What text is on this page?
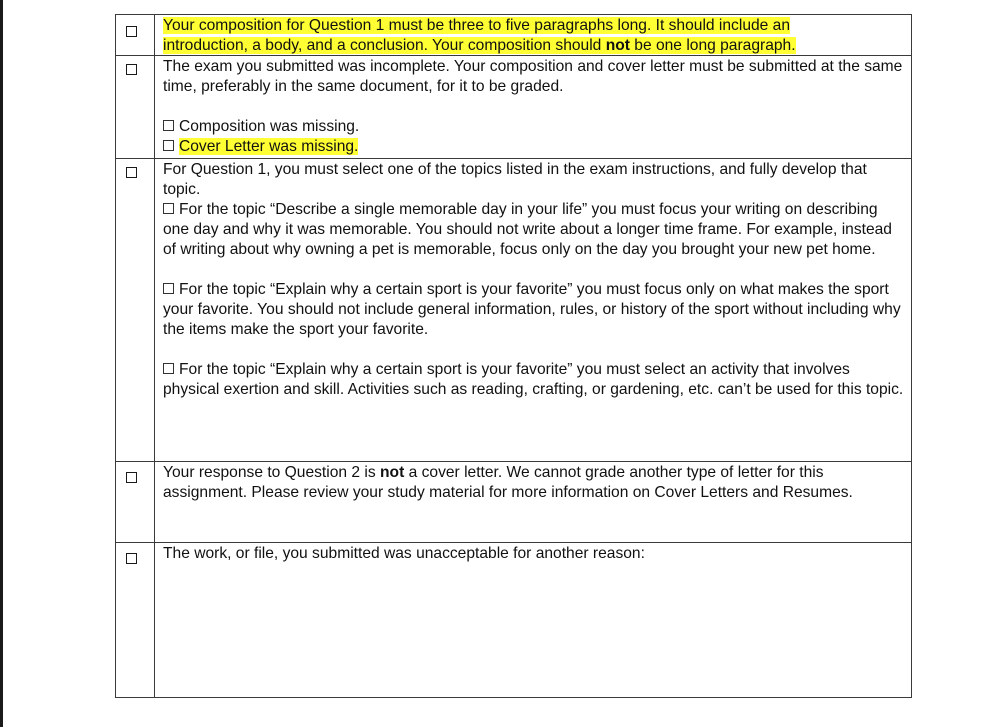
Your composition for Question 1 must be three to five paragraphs long. It should include an
introduction, a body, and a conclusion. Your composition should not be one long paragraph.

The exam you submitted was incomplete. Your composition and cover letter must be submitted at the same time, preferably in the same document, for it to be graded.

Composition was missing.
Cover Letter was missing.

For Question 1, you must select one of the topics listed in the exam instructions, and fully develop that topic.

For the topic “Describe a single memorable day in your life” you must focus your writing on describing one day and why it was memorable. You should not write about a longer time frame. For example, instead of writing about why owning a pet is memorable, focus only on the day you brought your new pet home.

For the topic “Explain why a certain sport is your favorite” you must focus only on what makes the sport your favorite. You should not include general information, rules, or history of the sport without including why the items make the sport your favorite.

For the topic “Explain why a certain sport is your favorite” you must select an activity that involves physical exertion and skill. Activities such as reading, crafting, or gardening, etc. can’t be used for this topic.

Your response to Question 2 is not a cover letter. We cannot grade another type of letter for this assignment. Please review your study material for more information on Cover Letters and Resumes.

The work, or file, you submitted was unacceptable for another reason:
